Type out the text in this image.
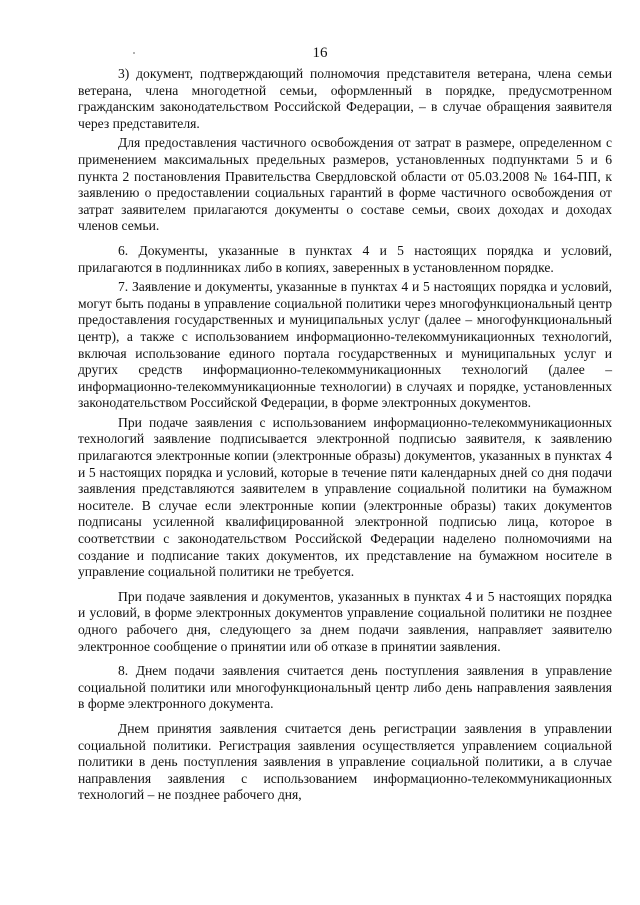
16

3) документ, подтверждающий полномочия представителя ветерана, члена семьи ветерана, члена многодетной семьи, оформленный в порядке, предусмотренном гражданским законодательством Российской Федерации, – в случае обращения заявителя через представителя.

Для предоставления частичного освобождения от затрат в размере, определенном с применением максимальных предельных размеров, установленных подпунктами 5 и 6 пункта 2 постановления Правительства Свердловской области от 05.03.2008 № 164-ПП, к заявлению о предоставлении социальных гарантий в форме частичного освобождения от затрат заявителем прилагаются документы о составе семьи, своих доходах и доходах членов семьи.

6. Документы, указанные в пунктах 4 и 5 настоящих порядка и условий, прилагаются в подлинниках либо в копиях, заверенных в установленном порядке.

7. Заявление и документы, указанные в пунктах 4 и 5 настоящих порядка и условий, могут быть поданы в управление социальной политики через многофункциональный центр предоставления государственных и муниципальных услуг (далее – многофункциональный центр), а также с использованием информационно-телекоммуникационных технологий, включая использование единого портала государственных и муниципальных услуг и других средств информационно-телекоммуникационных технологий (далее – информационно-телекоммуникационные технологии) в случаях и порядке, установленных законодательством Российской Федерации, в форме электронных документов.

При подаче заявления с использованием информационно-телекоммуникационных технологий заявление подписывается электронной подписью заявителя, к заявлению прилагаются электронные копии (электронные образы) документов, указанных в пунктах 4 и 5 настоящих порядка и условий, которые в течение пяти календарных дней со дня подачи заявления представляются заявителем в управление социальной политики на бумажном носителе. В случае если электронные копии (электронные образы) таких документов подписаны усиленной квалифицированной электронной подписью лица, которое в соответствии с законодательством Российской Федерации наделено полномочиями на создание и подписание таких документов, их представление на бумажном носителе в управление социальной политики не требуется.

При подаче заявления и документов, указанных в пунктах 4 и 5 настоящих порядка и условий, в форме электронных документов управление социальной политики не позднее одного рабочего дня, следующего за днем подачи заявления, направляет заявителю электронное сообщение о принятии или об отказе в принятии заявления.

8. Днем подачи заявления считается день поступления заявления в управление социальной политики или многофункциональный центр либо день направления заявления в форме электронного документа.

Днем принятия заявления считается день регистрации заявления в управлении социальной политики. Регистрация заявления осуществляется управлением социальной политики в день поступления заявления в управление социальной политики, а в случае направления заявления с использованием информационно-телекоммуникационных технологий – не позднее рабочего дня,
